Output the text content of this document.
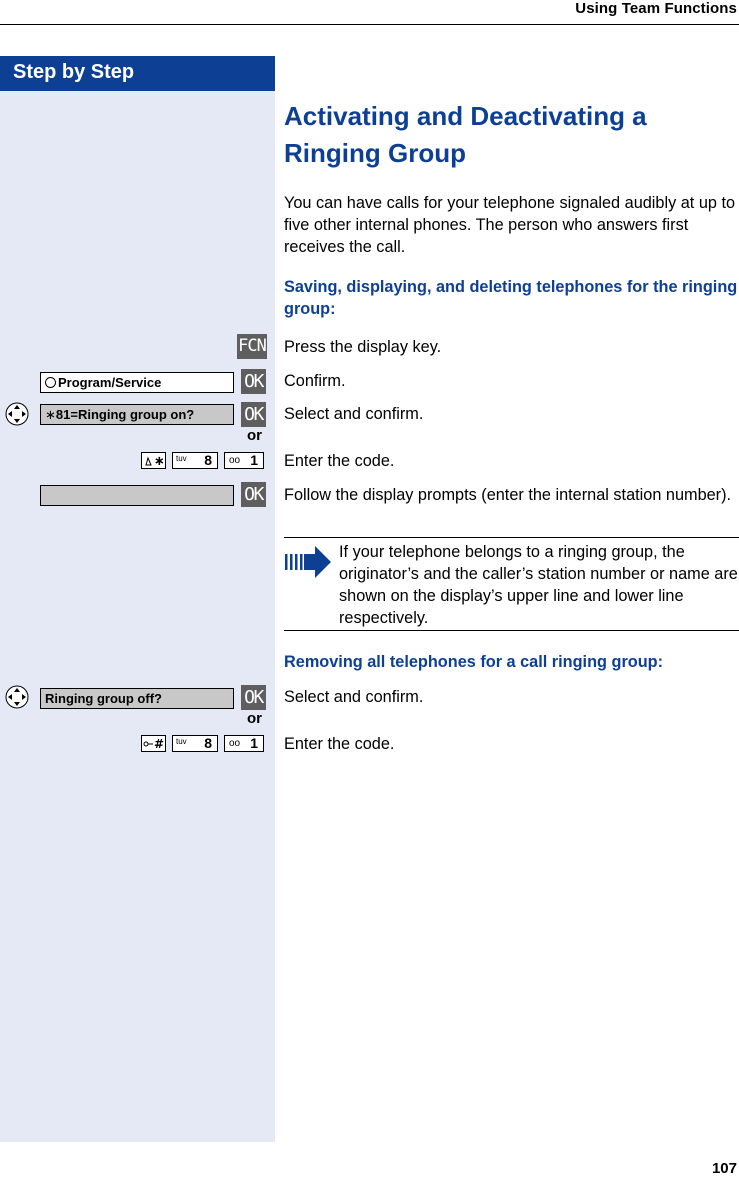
Using Team Functions
Step by Step
Activating and Deactivating a Ringing Group
You can have calls for your telephone signaled audibly at up to five other internal phones. The person who answers first receives the call.
Saving, displaying, and deleting telephones for the ringing group:
FCN Press the display key.
Program/Service	OK Confirm.
∗81=Ringing group on?	OK Select and confirm.
or
∗ tuv 8 oo 1 Enter the code.
OK Follow the display prompts (enter the internal station number).
If your telephone belongs to a ringing group, the originator’s and the caller’s station number or name are shown on the display’s upper line and lower line respectively.
Removing all telephones for a call ringing group:
Ringing group off?	OK Select and confirm.
or
# tuv 8 oo 1 Enter the code.
107
